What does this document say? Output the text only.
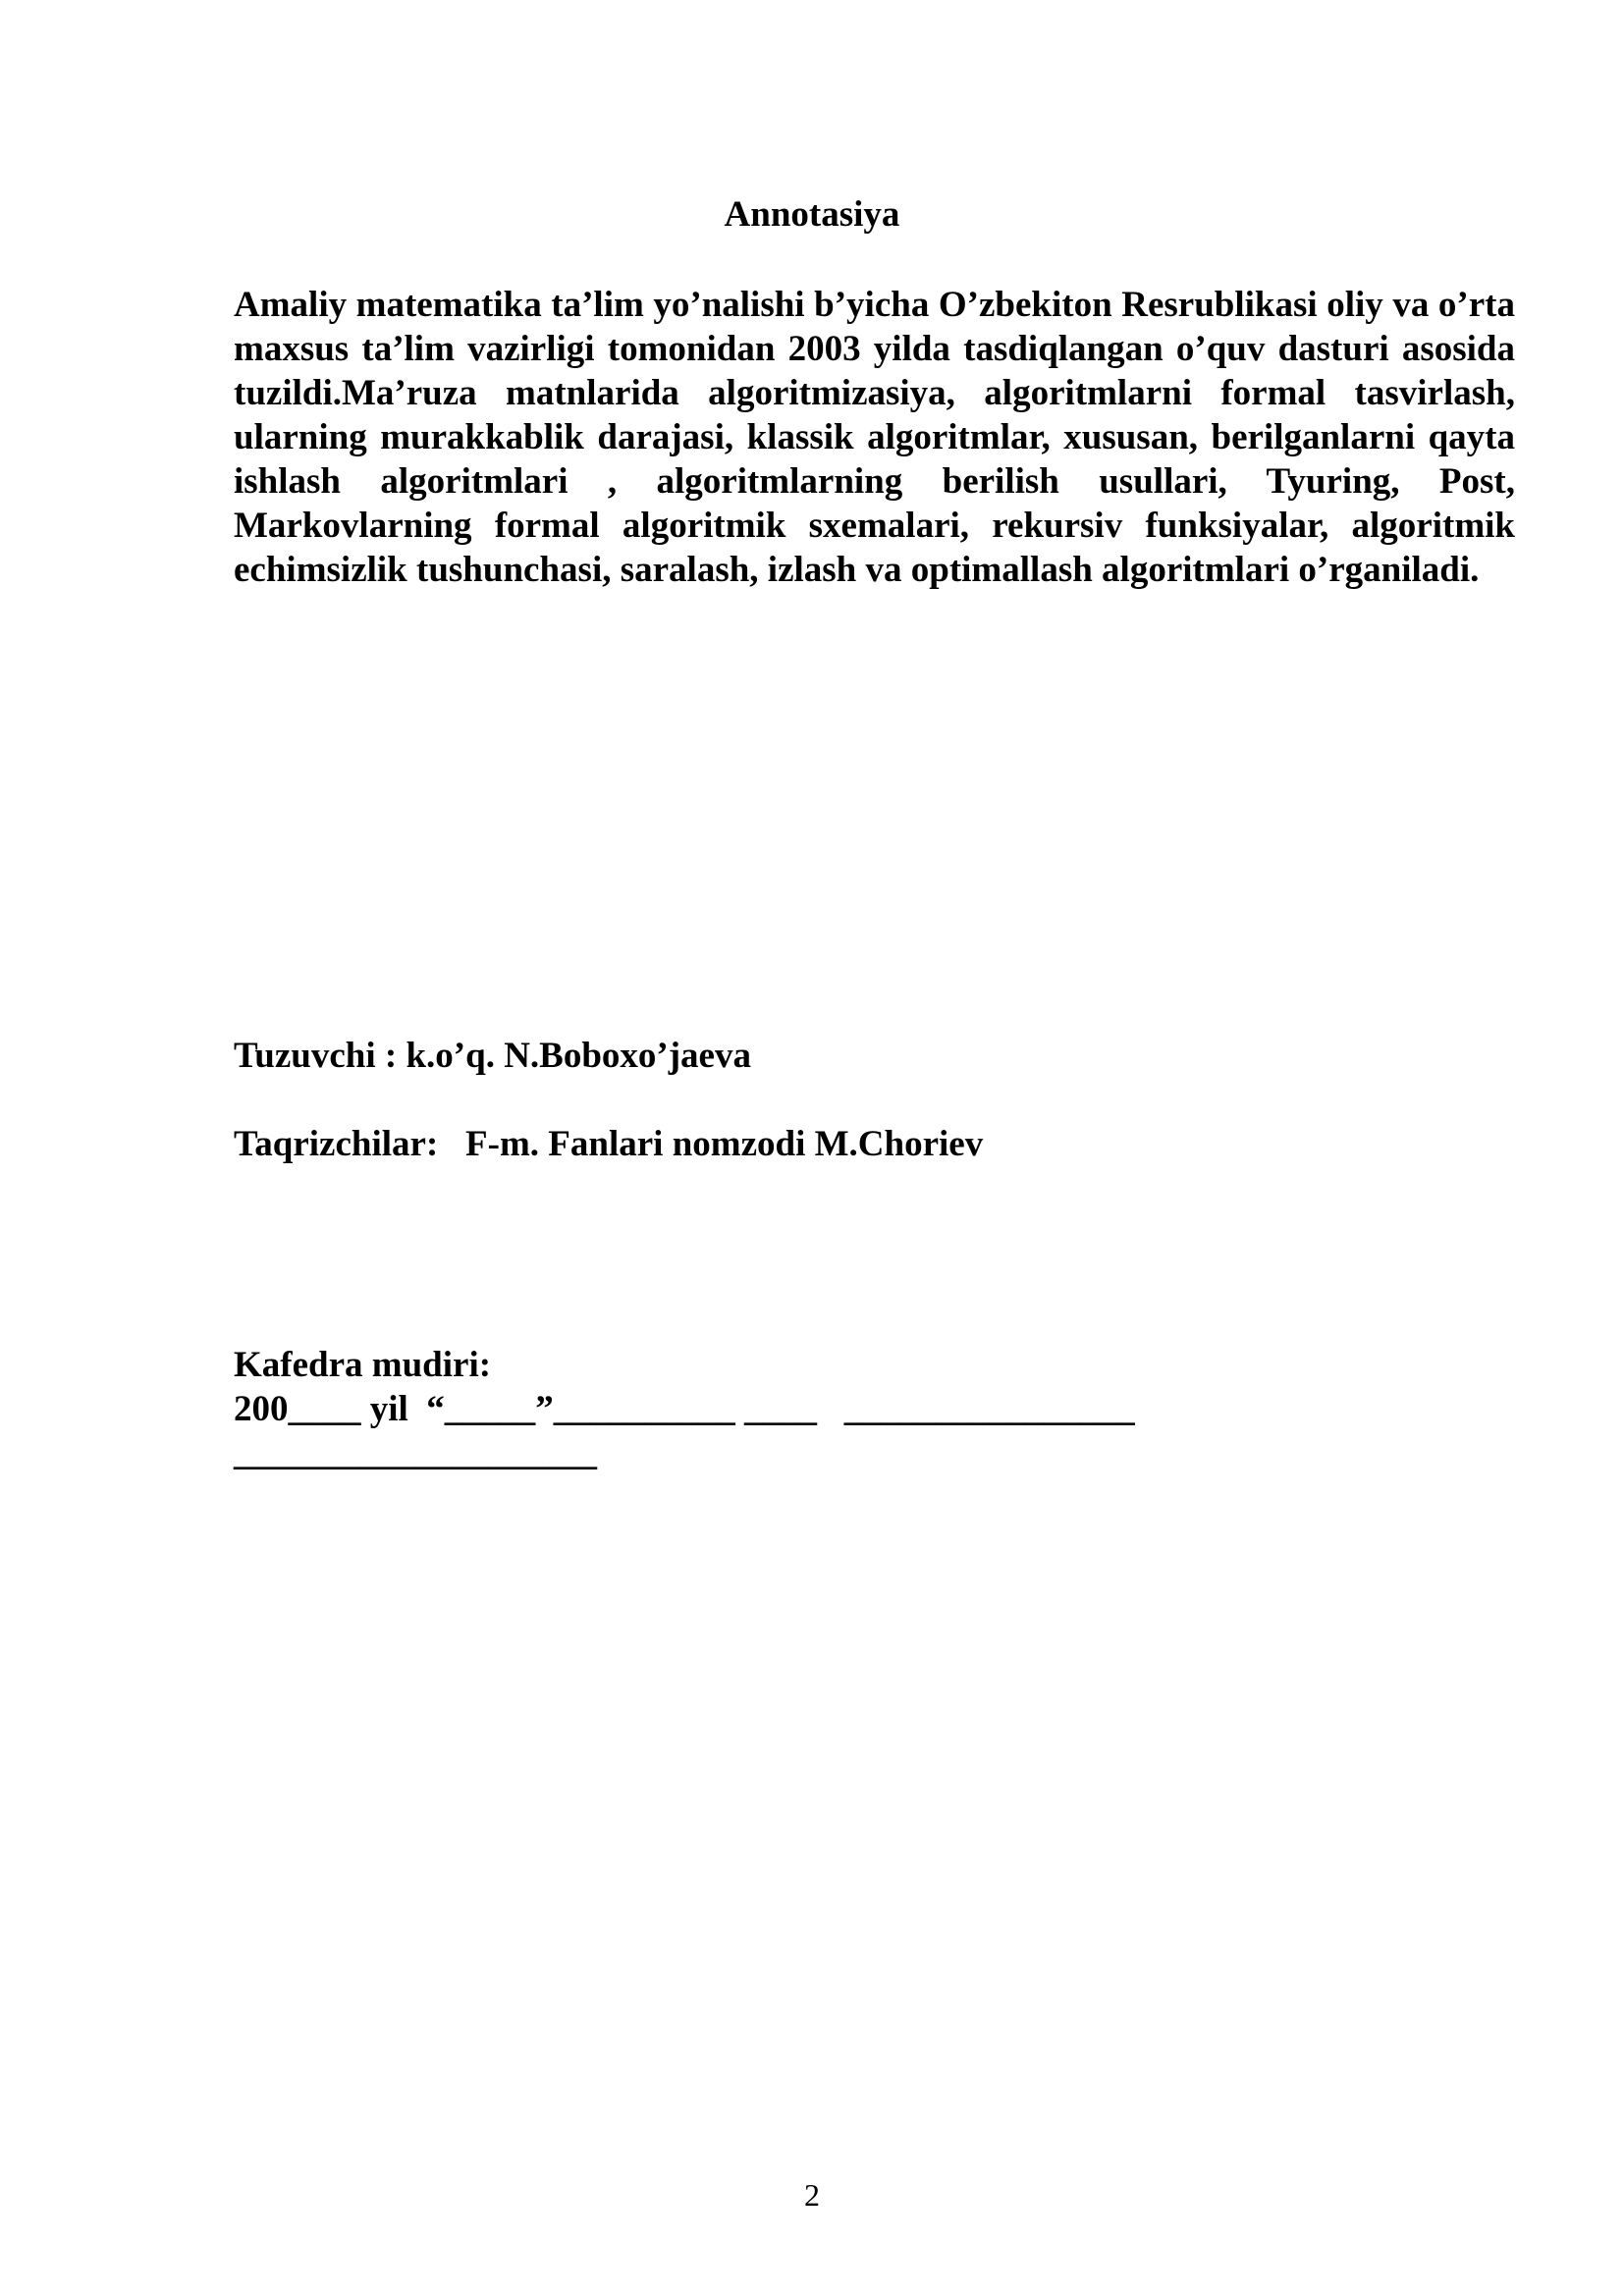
Annotasiya

Amaliy matematika ta’lim yo’nalishi b’yicha O’zbekiton Resrublikasi oliy va o’rta maxsus ta’lim vazirligi tomonidan 2003 yilda tasdiqlangan o’quv dasturi asosida tuzildi.Ma’ruza matnlarida algoritmizasiya, algoritmlarni formal tasvirlash, ularning murakkablik darajasi, klassik algoritmlar, xususan, berilganlarni qayta ishlash algoritmlari , algoritmlarning berilish usullari, Tyuring, Post, Markovlarning formal algoritmik sxemalari, rekursiv funksiyalar, algoritmik echimsizlik tushunchasi, saralash, izlash va optimallash algoritmlari o’rganiladi.

Tuzuvchi : k.o’q. N.Boboxo’jaeva

Taqrizchilar:   F-m. Fanlari nomzodi M.Choriev

Kafedra mudiri:

200____ yil  “_____”__________ ____   ________________

____________________

2
